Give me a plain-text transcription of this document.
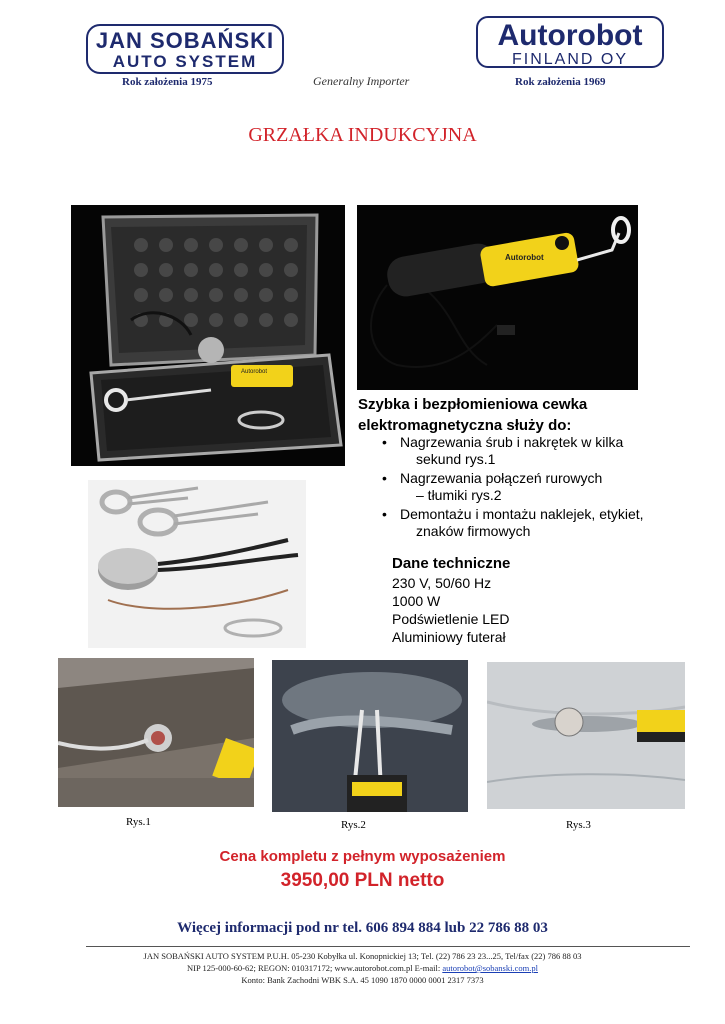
JAN SOBAŃSKI
AUTO SYSTEM
Rok założenia 1975	Generalny Importer
Autorobot
FINLAND OY
Rok założenia 1969
GRZAŁKA INDUKCYJNA
Autorobot
Autorobot
Szybka i bezpłomieniowa cewka
elektromagnetyczna służy do:
• Nagrzewania śrub i nakrętek w kilka
sekund rys.1
• Nagrzewania połączeń rurowych
– tłumiki rys.2
• Demontażu i montażu naklejek, etykiet,
znaków firmowych
Dane techniczne
230 V, 50/60 Hz
1000 W
Podświetlenie LED
Aluminiowy futerał
Rys.1	Rys.2	Rys.3
Cena kompletu z pełnym wyposażeniem
3950,00 PLN netto
Więcej informacji pod nr tel. 606 894 884 lub 22 786 88 03
JAN SOBAŃSKI AUTO SYSTEM P.U.H. 05-230 Kobyłka ul. Konopnickiej 13; Tel. (22) 786 23 23...25, Tel/fax (22) 786 88 03
NIP 125-000-60-62; REGON: 010317172; www.autorobot.com.pl E-mail: autorobot@sobanski.com.pl
Konto: Bank Zachodni WBK S.A. 45 1090 1870 0000 0001 2317 7373
